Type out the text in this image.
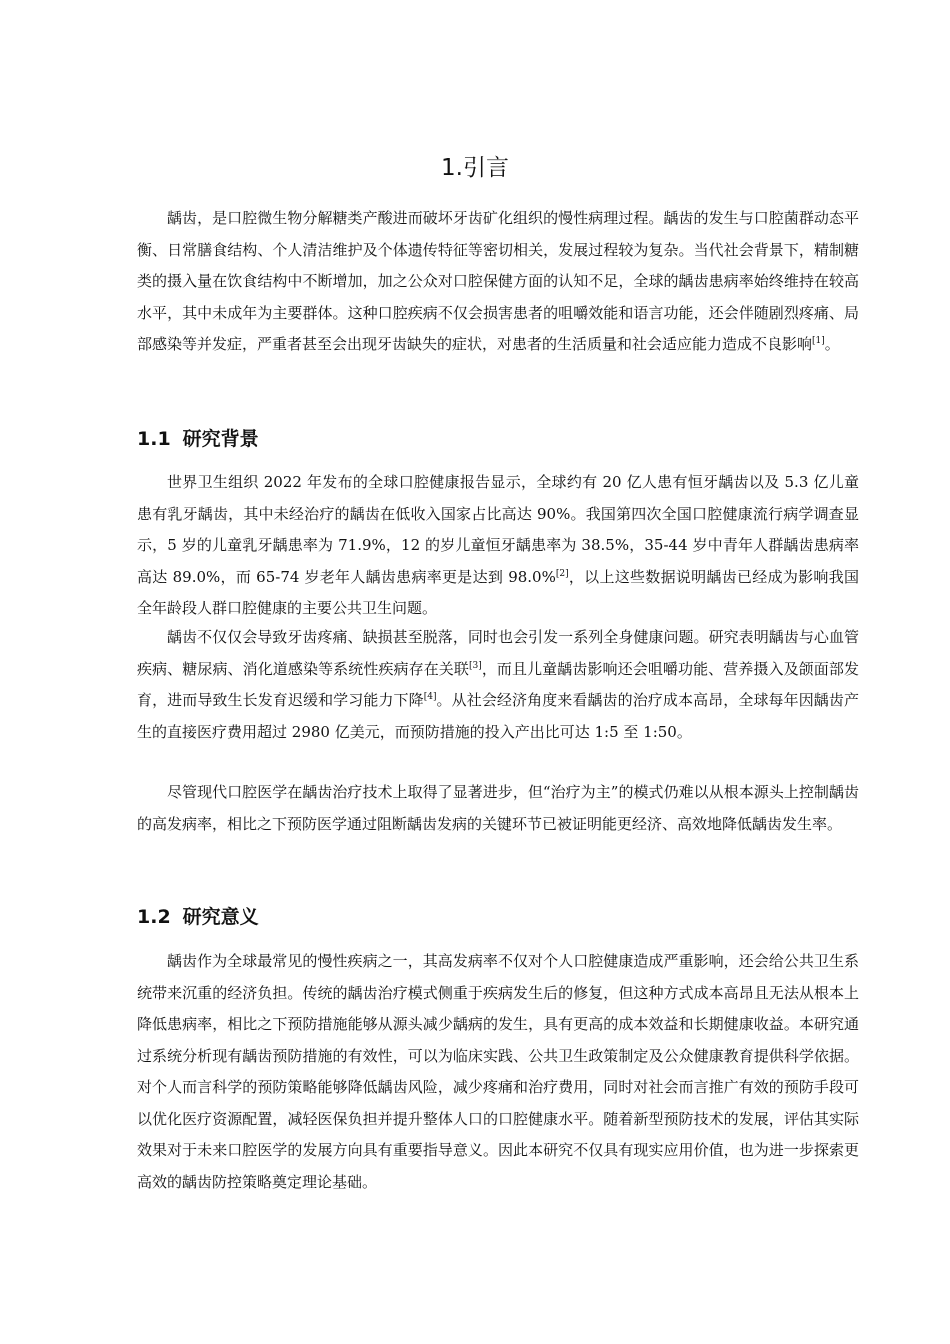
1.引言

龋齿，是口腔微生物分解糖类产酸进而破坏牙齿矿化组织的慢性病理过程。龋齿的发生与口腔菌群动态平衡、日常膳食结构、个人清洁维护及个体遗传特征等密切相关，发展过程较为复杂。当代社会背景下，精制糖类的摄入量在饮食结构中不断增加，加之公众对口腔保健方面的认知不足，全球的龋齿患病率始终维持在较高水平，其中未成年为主要群体。这种口腔疾病不仅会损害患者的咀嚼效能和语言功能，还会伴随剧烈疼痛、局部感染等并发症，严重者甚至会出现牙齿缺失的症状，对患者的生活质量和社会适应能力造成不良影响[1]。

1.1 研究背景

世界卫生组织 2022 年发布的全球口腔健康报告显示，全球约有 20 亿人患有恒牙龋齿以及 5.3 亿儿童患有乳牙龋齿，其中未经治疗的龋齿在低收入国家占比高达 90%。我国第四次全国口腔健康流行病学调查显示，5 岁的儿童乳牙龋患率为 71.9%，12 的岁儿童恒牙龋患率为 38.5%，35-44 岁中青年人群龋齿患病率高达 89.0%，而 65-74 岁老年人龋齿患病率更是达到 98.0%[2]，以上这些数据说明龋齿已经成为影响我国全年龄段人群口腔健康的主要公共卫生问题。

龋齿不仅仅会导致牙齿疼痛、缺损甚至脱落，同时也会引发一系列全身健康问题。研究表明龋齿与心血管疾病、糖尿病、消化道感染等系统性疾病存在关联[3]，而且儿童龋齿影响还会咀嚼功能、营养摄入及颌面部发育，进而导致生长发育迟缓和学习能力下降[4]。从社会经济角度来看龋齿的治疗成本高昂，全球每年因龋齿产生的直接医疗费用超过 2980 亿美元，而预防措施的投入产出比可达 1:5 至 1:50。

尽管现代口腔医学在龋齿治疗技术上取得了显著进步，但“治疗为主”的模式仍难以从根本源头上控制龋齿的高发病率，相比之下预防医学通过阻断龋齿发病的关键环节已被证明能更经济、高效地降低龋齿发生率。

1.2 研究意义

龋齿作为全球最常见的慢性疾病之一，其高发病率不仅对个人口腔健康造成严重影响，还会给公共卫生系统带来沉重的经济负担。传统的龋齿治疗模式侧重于疾病发生后的修复，但这种方式成本高昂且无法从根本上降低患病率，相比之下预防措施能够从源头减少龋病的发生，具有更高的成本效益和长期健康收益。本研究通过系统分析现有龋齿预防措施的有效性，可以为临床实践、公共卫生政策制定及公众健康教育提供科学依据。对个人而言科学的预防策略能够降低龋齿风险，减少疼痛和治疗费用，同时对社会而言推广有效的预防手段可以优化医疗资源配置，减轻医保负担并提升整体人口的口腔健康水平。随着新型预防技术的发展，评估其实际效果对于未来口腔医学的发展方向具有重要指导意义。因此本研究不仅具有现实应用价值，也为进一步探索更高效的龋齿防控策略奠定理论基础。
